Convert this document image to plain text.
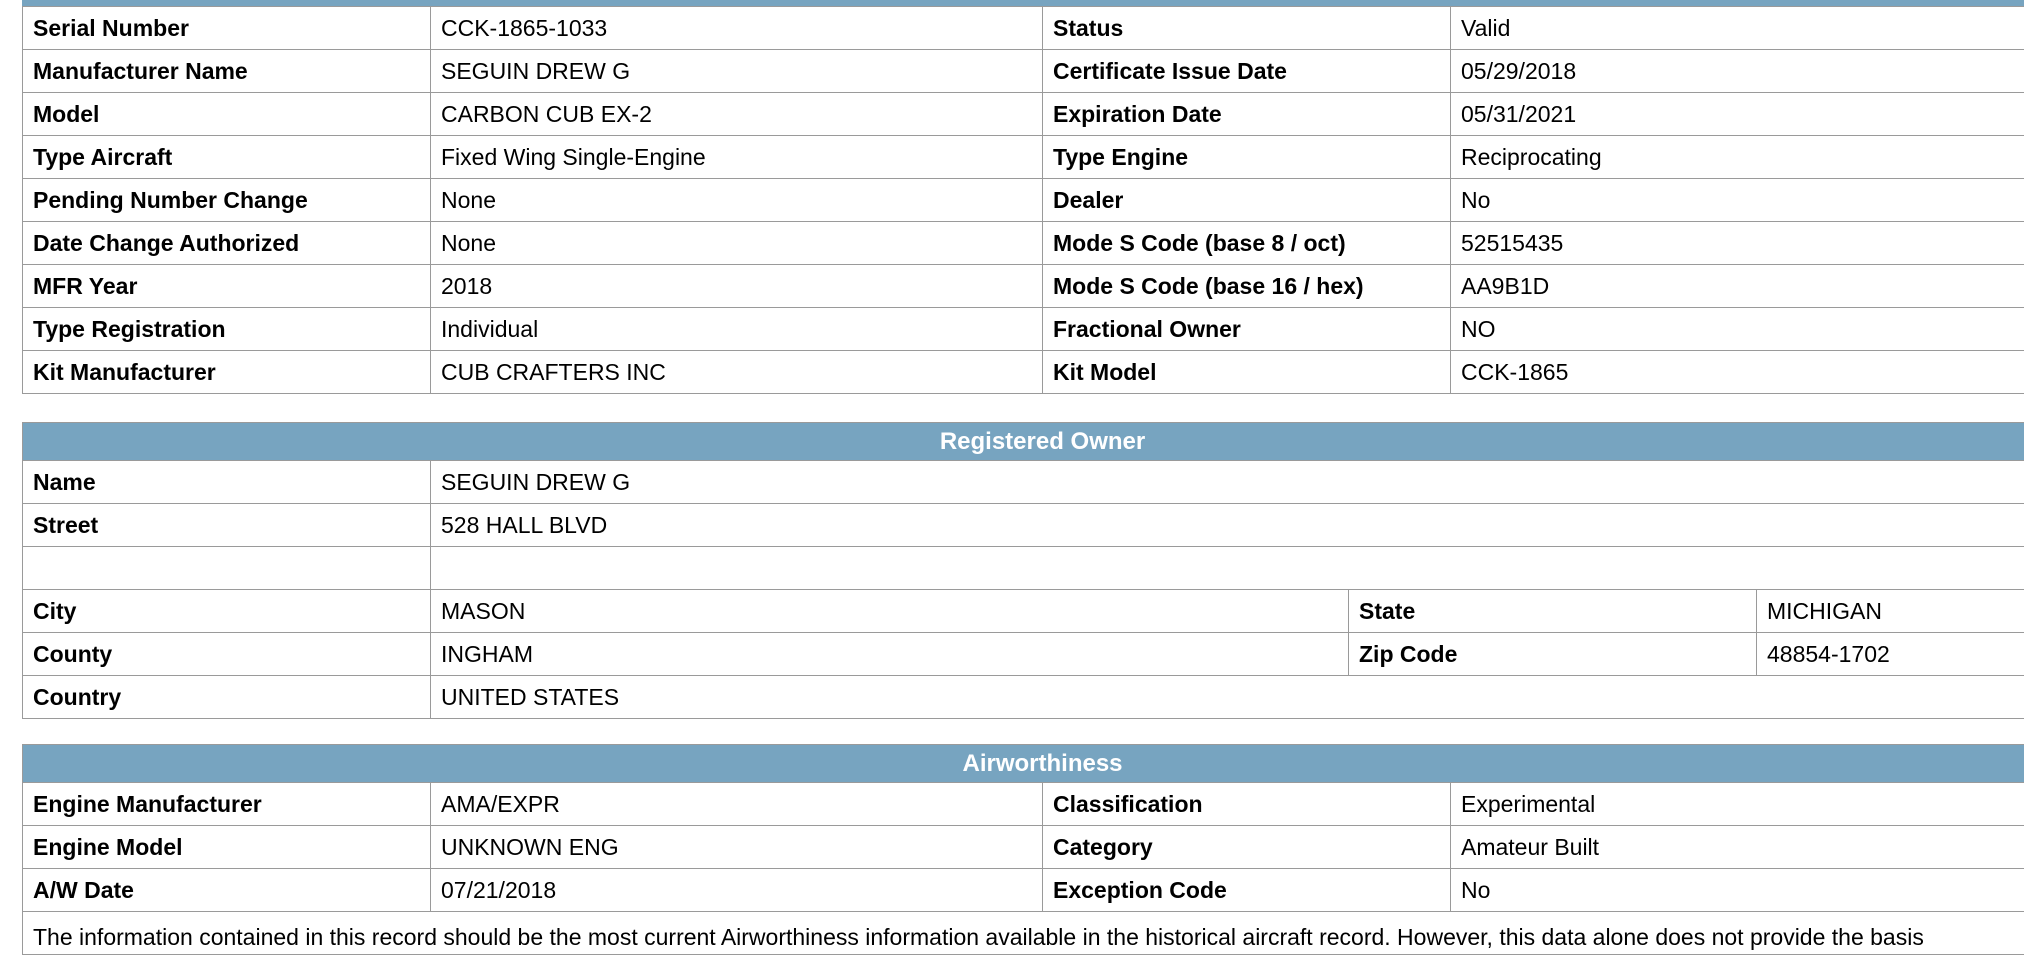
Serial Number	CCK-1865-1033	Status	Valid
Manufacturer Name	SEGUIN DREW G	Certificate Issue Date	05/29/2018
Model	CARBON CUB EX-2	Expiration Date	05/31/2021
Type Aircraft	Fixed Wing Single-Engine	Type Engine	Reciprocating
Pending Number Change	None	Dealer	No
Date Change Authorized	None	Mode S Code (base 8 / oct)	52515435
MFR Year	2018	Mode S Code (base 16 / hex)	AA9B1D
Type Registration	Individual	Fractional Owner	NO
Kit Manufacturer	CUB CRAFTERS INC	Kit Model	CCK-1865
Registered Owner			
Name	SEGUIN DREW G		
Street	528 HALL BLVD		

City	MASON	State	MICHIGAN
County	INGHAM	Zip Code	48854-1702
Country	UNITED STATES		
Airworthiness			
Engine Manufacturer	AMA/EXPR	Classification	Experimental
Engine Model	UNKNOWN ENG	Category	Amateur Built
A/W Date	07/21/2018	Exception Code	No

The information contained in this record should be the most current Airworthiness information available in the historical aircraft record. However, this data alone does not provide the basis			
